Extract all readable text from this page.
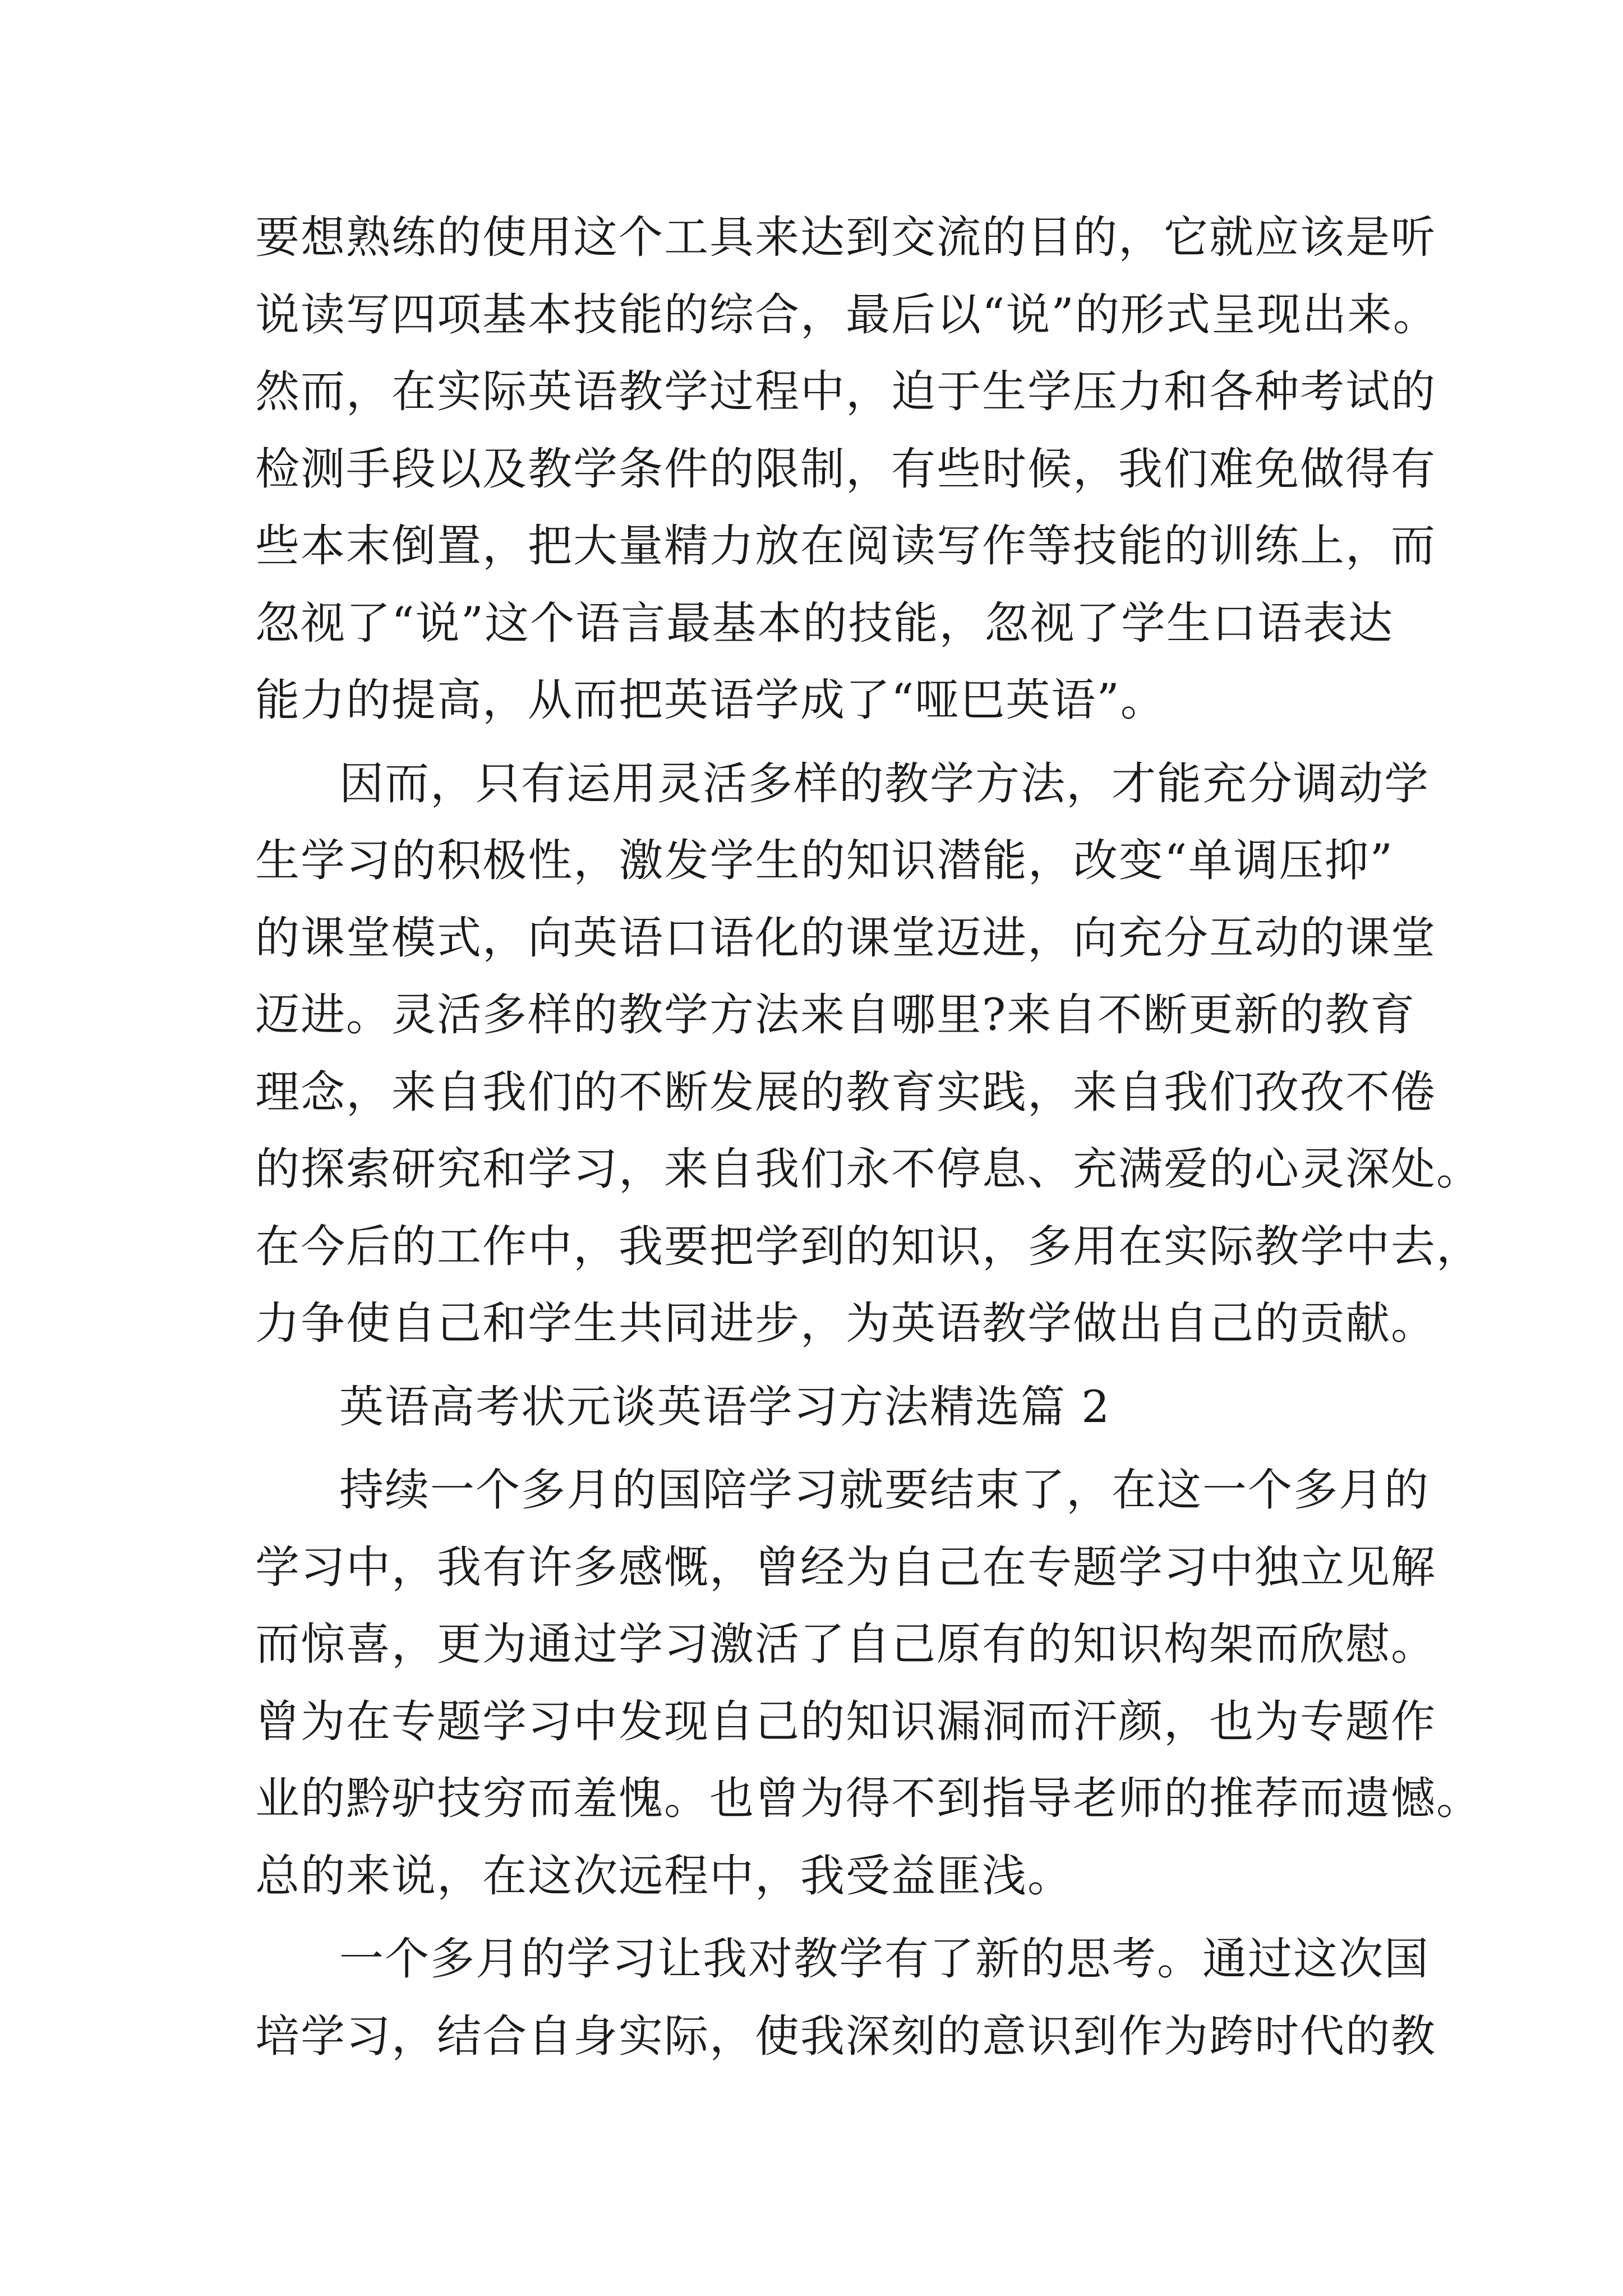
要想熟练的使用这个工具来达到交流的目的，它就应该是听
说读写四项基本技能的综合，最后以“说”的形式呈现出来。
然而，在实际英语教学过程中，迫于生学压力和各种考试的
检测手段以及教学条件的限制，有些时候，我们难免做得有
些本末倒置，把大量精力放在阅读写作等技能的训练上，而
忽视了“说”这个语言最基本的技能，忽视了学生口语表达
能力的提高，从而把英语学成了“哑巴英语”。
因而，只有运用灵活多样的教学方法，才能充分调动学
生学习的积极性，激发学生的知识潜能，改变“单调压抑”
的课堂模式，向英语口语化的课堂迈进，向充分互动的课堂
迈进。灵活多样的教学方法来自哪里?来自不断更新的教育
理念，来自我们的不断发展的教育实践，来自我们孜孜不倦
的探索研究和学习，来自我们永不停息、充满爱的心灵深处。
在今后的工作中，我要把学到的知识，多用在实际教学中去，
力争使自己和学生共同进步，为英语教学做出自己的贡献。
英语高考状元谈英语学习方法精选篇 2
持续一个多月的国陪学习就要结束了，在这一个多月的
学习中，我有许多感慨，曾经为自己在专题学习中独立见解
而惊喜，更为通过学习激活了自己原有的知识构架而欣慰。
曾为在专题学习中发现自己的知识漏洞而汗颜，也为专题作
业的黔驴技穷而羞愧。也曾为得不到指导老师的推荐而遗憾。
总的来说，在这次远程中，我受益匪浅。
一个多月的学习让我对教学有了新的思考。通过这次国
培学习，结合自身实际，使我深刻的意识到作为跨时代的教
